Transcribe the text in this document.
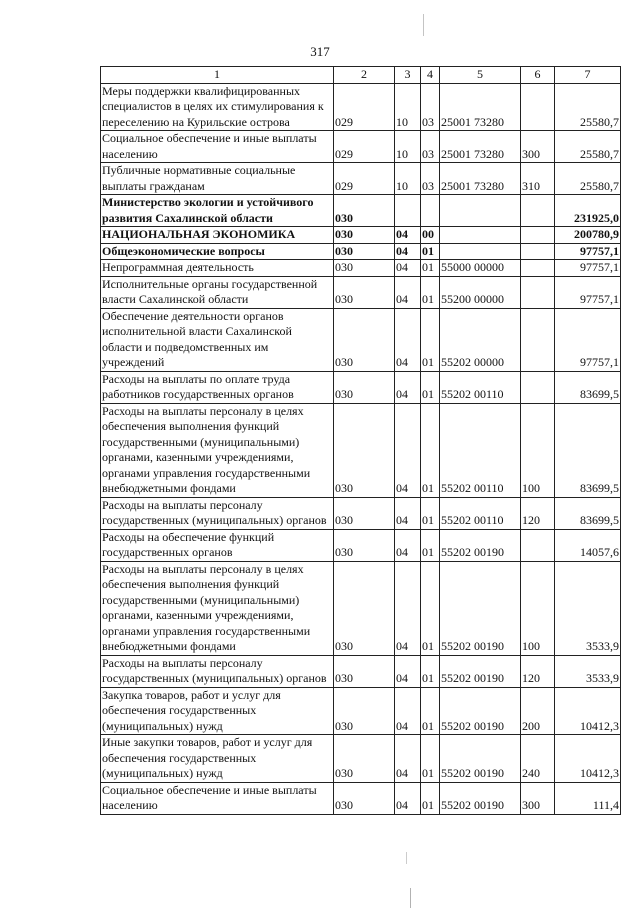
317
1	2	3	4	5	6	7
Меры поддержки квалифицированных специалистов в целях их стимулирования к переселению на Курильские острова	029	10	03	25001 73280		25580,7
Социальное обеспечение и иные выплаты населению	029	10	03	25001 73280	300	25580,7
Публичные нормативные социальные выплаты гражданам	029	10	03	25001 73280	310	25580,7
Министерство экологии и устойчивого развития Сахалинской области	030					231925,0
НАЦИОНАЛЬНАЯ ЭКОНОМИКА	030	04	00			200780,9
Общеэкономические вопросы	030	04	01			97757,1
Непрограммная деятельность	030	04	01	55000 00000		97757,1
Исполнительные органы государственной власти Сахалинской области	030	04	01	55200 00000		97757,1
Обеспечение деятельности органов исполнительной власти Сахалинской области и подведомственных им учреждений	030	04	01	55202 00000		97757,1
Расходы на выплаты по оплате труда работников государственных органов	030	04	01	55202 00110		83699,5
Расходы на выплаты персоналу в целях обеспечения выполнения функций государственными (муниципальными) органами, казенными учреждениями, органами управления государственными внебюджетными фондами	030	04	01	55202 00110	100	83699,5
Расходы на выплаты персоналу государственных (муниципальных) органов	030	04	01	55202 00110	120	83699,5
Расходы на обеспечение функций государственных органов	030	04	01	55202 00190		14057,6
Расходы на выплаты персоналу в целях обеспечения выполнения функций государственными (муниципальными) органами, казенными учреждениями, органами управления государственными внебюджетными фондами	030	04	01	55202 00190	100	3533,9
Расходы на выплаты персоналу государственных (муниципальных) органов	030	04	01	55202 00190	120	3533,9
Закупка товаров, работ и услуг для обеспечения государственных (муниципальных) нужд	030	04	01	55202 00190	200	10412,3
Иные закупки товаров, работ и услуг для обеспечения государственных (муниципальных) нужд	030	04	01	55202 00190	240	10412,3
Социальное обеспечение и иные выплаты населению	030	04	01	55202 00190	300	111,4
